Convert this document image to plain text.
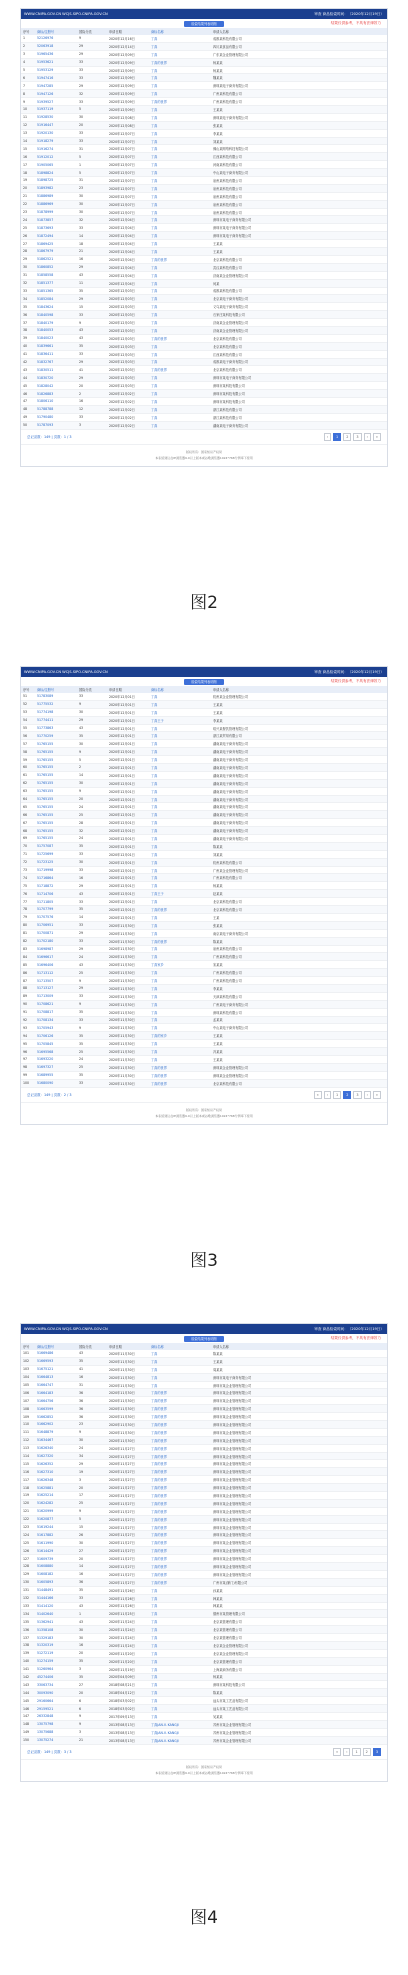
WWW.CNIPA.GOV.CN WCJS.SIPO.CNIPA.GOV.CN	审查 商品检索时间：（2020年12月19日）
检索结果列表明细	结果仅供参考，不具有法律效力
序号	商标/注册号	国际分类	申请日期	商标名称	申请人名称
1	52126976	9	2020年12月16日	丁真	成都某科技有限公司
2	52063918	29	2020年12月14日	丁真	四川某食品有限公司
3	51965436	29	2020年12月09日	丁真	广东某企业管理有限公司
4	51953621	33	2020年12月09日	丁真的世界	杨某某
5	51953129	33	2020年12月09日	丁真	杨某某
6	51947416	33	2020年12月09日	丁真	魏某某
7	51947285	29	2020年12月09日	丁真	深圳某电子商务有限公司
8	51947126	32	2020年12月09日	丁真	广州某科技有限公司
9	51939527	33	2020年12月09日	丁真的世界	广州某科技有限公司
10	51937119	5	2020年12月09日	丁真	王某某
11	51928530	30	2020年12月08日	丁真	深圳某电子商务有限公司
12	51916447	20	2020年12月08日	丁真	张某某
13	51920130	33	2020年12月07日	丁真	李某某
14	51918279	33	2020年12月07日	丁真	刘某某
15	51916274	31	2020年12月07日	丁真	佛山某网络科技有限公司
16	51912012	5	2020年12月07日	丁真	江西某科技有限公司
17	51905065	1	2020年12月07日	丁真	河南某科技有限公司
18	51898824	5	2020年12月07日	丁真	中山某电子商务有限公司
19	51898725	31	2020年12月07日	丁真	泉州某科技有限公司
20	51893982	23	2020年12月07日	丁真	泉州某科技有限公司
21	51886989	30	2020年12月07日	丁真	泉州某科技有限公司
22	51886969	30	2020年12月07日	丁真	泉州某科技有限公司
23	51878999	30	2020年12月07日	丁真	泉州某科技有限公司
24	51873857	32	2020年12月04日	丁真	深圳市某电子商务有限公司
25	51873693	33	2020年12月04日	丁真	深圳市某电子商务有限公司
26	51872494	14	2020年12月04日	丁真	深圳市某电子商务有限公司
27	51869425	18	2020年12月04日	丁真	王某某
28	51867979	21	2020年12月04日	丁真	王某某
29	51862521	16	2020年12月04日	丁真的世界	北京某科技有限公司
30	51860852	29	2020年12月04日	丁真	武汉某科技有限公司
31	51858558	43	2020年12月04日	丁真	济南某企业管理有限公司
32	51851377	11	2020年12月04日	丁真	何某
33	51851365	35	2020年12月03日	丁真	成都某科技有限公司
34	51852084	29	2020年12月03日	丁真	北京某电子商务有限公司
35	51843624	15	2020年12月03日	丁真	义乌某电子商务有限公司
36	51840598	33	2020年12月03日	丁真	石家庄某科技有限公司
37	51840179	9	2020年12月03日	丁真	济南某企业管理有限公司
38	51840053	43	2020年12月03日	丁真	济南某企业管理有限公司
39	51840023	43	2020年12月03日	丁真的世界	北京某科技有限公司
40	51839661	35	2020年12月03日	丁真	北京某科技有限公司
41	51836411	33	2020年12月03日	丁真	江西某科技有限公司
42	51832767	29	2020年12月03日	丁真	成都某电子商务有限公司
43	51830511	41	2020年12月03日	丁真的世界	北京某科技有限公司
44	51830720	29	2020年12月03日	丁真	深圳市某电子商务有限公司
45	51828042	20	2020年12月03日	丁真	深圳市某科技有限公司
46	51826883	2	2020年12月02日	丁真	深圳市某科技有限公司
47	51806110	16	2020年12月02日	丁真	深圳市某科技有限公司
48	51788788	12	2020年12月02日	丁真	浙江某科技有限公司
49	51790480	33	2020年12月02日	丁真	浙江某科技有限公司
50	51787093	3	2020年12月02日	丁真	湖南某电子商务有限公司
总记录数：149 | 页数：1 / 3	‹	1	2	3	›	»
版权所有：国家知识产权局
本系统建议在IE浏览器9.0以上版本或谷歌浏览器1024*768分辨率下使用
图2
WWW.CNIPA.GOV.CN WCJS.SIPO.CNIPA.GOV.CN	审查 商品检索时间：（2020年12月19日）
检索结果列表明细	结果仅供参考，不具有法律效力
序号	商标/注册号	国际分类	申请日期	商标名称	申请人名称
51	51783089	33	2020年12月01日	丁真	杭州某企业管理有限公司
52	51775532	9	2020年12月01日	丁真	王某某
53	51774198	30	2020年12月01日	丁真	王某某
54	51774411	29	2020年12月01日	丁真王子	李某某
55	51773863	43	2020年12月01日	丁真	绍兴某餐饮管理有限公司
56	51770259	35	2020年12月01日	丁真	浙江某贸易有限公司
57	51765155	30	2020年12月01日	丁真	湖南某电子商务有限公司
58	51765155	9	2020年12月01日	丁真	湖南某电子商务有限公司
59	51765155	5	2020年12月01日	丁真	湖南某电子商务有限公司
60	51765155	2	2020年12月01日	丁真	湖南某电子商务有限公司
61	51765155	14	2020年12月01日	丁真	湖南某电子商务有限公司
62	51765155	30	2020年12月01日	丁真	湖南某电子商务有限公司
63	51765155	9	2020年12月01日	丁真	湖南某电子商务有限公司
64	51765155	20	2020年12月01日	丁真	湖南某电子商务有限公司
65	51765155	24	2020年12月01日	丁真	湖南某电子商务有限公司
66	51765155	25	2020年12月01日	丁真	湖南某电子商务有限公司
67	51765155	28	2020年12月01日	丁真	湖南某电子商务有限公司
68	51765155	32	2020年12月01日	丁真	湖南某电子商务有限公司
69	51765155	24	2020年12月01日	丁真	湖南某电子商务有限公司
70	51757087	35	2020年12月01日	丁真	陈某某
71	51725699	33	2020年12月01日	丁真	刘某某
72	51723125	30	2020年12月01日	丁真	杭州某科技有限公司
73	51719998	33	2020年12月01日	丁真	广州某企业管理有限公司
74	51716864	16	2020年12月01日	丁真	广州某科技有限公司
75	51718872	29	2020年12月01日	丁真	杨某某
76	51714706	43	2020年12月01日	丁真王子	赵某某
77	51711805	33	2020年12月01日	丁真	北京某科技有限公司
78	51707799	35	2020年12月01日	丁真的世界	北京某科技有限公司
79	51707576	14	2020年12月01日	丁真	王某
80	51706951	33	2020年11月30日	丁真	张某某
81	51700871	29	2020年11月30日	丁真	南京某电子商务有限公司
82	51702180	33	2020年11月30日	丁真的世界	陈某某
83	51698987	29	2020年11月30日	丁真	泉州某科技有限公司
84	51696617	24	2020年11月30日	丁真	广州某科技有限公司
85	51696406	43	2020年11月30日	丁真家乡	宋某某
86	51713112	25	2020年11月30日	丁真	广州某科技有限公司
87	51713507	9	2020年11月30日	丁真	广州某科技有限公司
88	51713127	29	2020年11月30日	丁真	李某某
89	51713009	33	2020年11月30日	丁真	天津某科技有限公司
90	51708621	9	2020年11月30日	丁真	广州某电子商务有限公司
91	51708817	35	2020年11月30日	丁真	深圳某科技有限公司
92	51708134	33	2020年11月30日	丁真	孟某某
93	51705943	9	2020年11月30日	丁真	中山某电子商务有限公司
94	51706126	35	2020年11月30日	丁真的家乡	王某某
95	51705845	35	2020年11月30日	丁真	王某某
96	51695568	25	2020年11月30日	丁真	冯某某
97	51693220	24	2020年11月30日	丁真	王某某
98	51697327	25	2020年11月30日	丁真的世界	深圳某企业管理有限公司
99	51689955	35	2020年11月30日	丁真的世界	深圳某企业管理有限公司
100	51680090	33	2020年11月30日	丁真的世界	北京某科技有限公司
总记录数：149 | 页数：2 / 3	«	‹	1	2	3	›	»
版权所有：国家知识产权局
本系统建议在IE浏览器9.0以上版本或谷歌浏览器1024*768分辨率下使用
图3
WWW.CNIPA.GOV.CN WCJS.SIPO.CNIPA.GOV.CN	审查 商品检索时间：（2020年12月19日）
检索结果列表明细	结果仅供参考，不具有法律效力
序号	商标/注册号	国际分类	申请日期	商标名称	申请人名称
101	51669486	43	2020年11月30日	丁真	陈某某
102	51669593	35	2020年11月30日	丁真	王某某
103	51675121	41	2020年11月30日	丁真	周某某
104	51664813	16	2020年11月30日	丁真	深圳市某电子商务有限公司
105	51664747	31	2020年11月30日	丁真	深圳市某企业管理有限公司
106	51664183	36	2020年11月30日	丁真的世界	深圳市某企业管理有限公司
107	51664756	36	2020年11月30日	丁真的世界	深圳市某企业管理有限公司
108	51663599	36	2020年11月30日	丁真的世界	深圳市某企业管理有限公司
109	51662852	36	2020年11月30日	丁真的世界	深圳市某企业管理有限公司
110	51662902	23	2020年11月30日	丁真的世界	深圳市某企业管理有限公司
111	51648879	9	2020年11月30日	丁真的世界	深圳市某企业管理有限公司
112	51634467	30	2020年11月30日	丁真的世界	深圳市某企业管理有限公司
113	51626340	24	2020年11月27日	丁真的世界	深圳市某企业管理有限公司
114	51627320	34	2020年11月27日	丁真的世界	深圳市某企业管理有限公司
115	51626352	29	2020年11月27日	丁真的世界	深圳市某企业管理有限公司
116	51627310	19	2020年11月27日	丁真的世界	深圳市某企业管理有限公司
117	51626348	3	2020年11月27日	丁真的世界	深圳市某企业管理有限公司
118	51625881	20	2020年11月27日	丁真的世界	深圳市某企业管理有限公司
119	51625214	17	2020年11月27日	丁真的世界	深圳市某企业管理有限公司
120	51624282	25	2020年11月27日	丁真的世界	深圳市某企业管理有限公司
121	51620999	9	2020年11月27日	丁真的世界	深圳市某企业管理有限公司
122	51620877	5	2020年11月27日	丁真的世界	深圳市某企业管理有限公司
123	51619244	15	2020年11月27日	丁真的世界	深圳市某企业管理有限公司
124	51617882	26	2020年11月27日	丁真的世界	深圳市某企业管理有限公司
125	51611990	30	2020年11月27日	丁真的世界	深圳市某企业管理有限公司
126	51614429	27	2020年11月27日	丁真的世界	深圳市某企业管理有限公司
127	51609739	20	2020年11月27日	丁真的世界	深圳市某企业管理有限公司
128	51608880	14	2020年11月27日	丁真的世界	深圳市某企业管理有限公司
129	51608182	16	2020年11月27日	丁真的世界	深圳市某企业管理有限公司
130	51605893	36	2020年11月27日	丁真的世界	广州市某(厦门)有限公司
131	51448491	35	2020年11月26日	丁真	孙某某
132	51444166	33	2020年11月26日	丁真	韩某某
133	51414120	43	2020年11月26日	丁真	韩某某
134	51402640	1	2020年11月25日	丁真	德州市某管理有限公司
135	51362941	43	2020年11月24日	丁真	北京某管理有限公司
136	51358108	30	2020年11月24日	丁真	北京某管理有限公司
137	51329183	30	2020年11月24日	丁真	北京某管理有限公司
138	51320319	16	2020年11月24日	丁真	北京某企业管理有限公司
139	51272119	20	2020年11月20日	丁真	北京某企业管理有限公司
140	51274159	35	2020年11月20日	丁真	北京某管理有限公司
141	51260964	3	2020年11月19日	丁真	上海某商务有限公司
142	45274406	35	2020年04月09日	丁真	杨某某
143	33063734	27	2018年08月21日	丁真	深圳市某科技有限公司
144	30093090	20	2018年04月12日	丁真	陈某某
145	29160664	6	2018年03月02日	丁真	汕头市某工艺品有限公司
146	29159521	6	2018年03月02日	丁真	汕头市某工艺品有限公司
147	26332848	9	2017年09月13日	丁真	吴某某
148	13075798	9	2013年08月13日	丁真JAN.V. KANGJI	苏州市某企业管理有限公司
149	13075688	3	2013年08月13日	丁真JAN.V. KANGJI	苏州市某企业管理有限公司
150	13075274	21	2013年08月13日	丁真JAN.V. KANGJI	苏州市某企业管理有限公司
总记录数：149 | 页数：3 / 3	«	‹	1	2	3
版权所有：国家知识产权局
本系统建议在IE浏览器9.0以上版本或谷歌浏览器1024*768分辨率下使用
图4
